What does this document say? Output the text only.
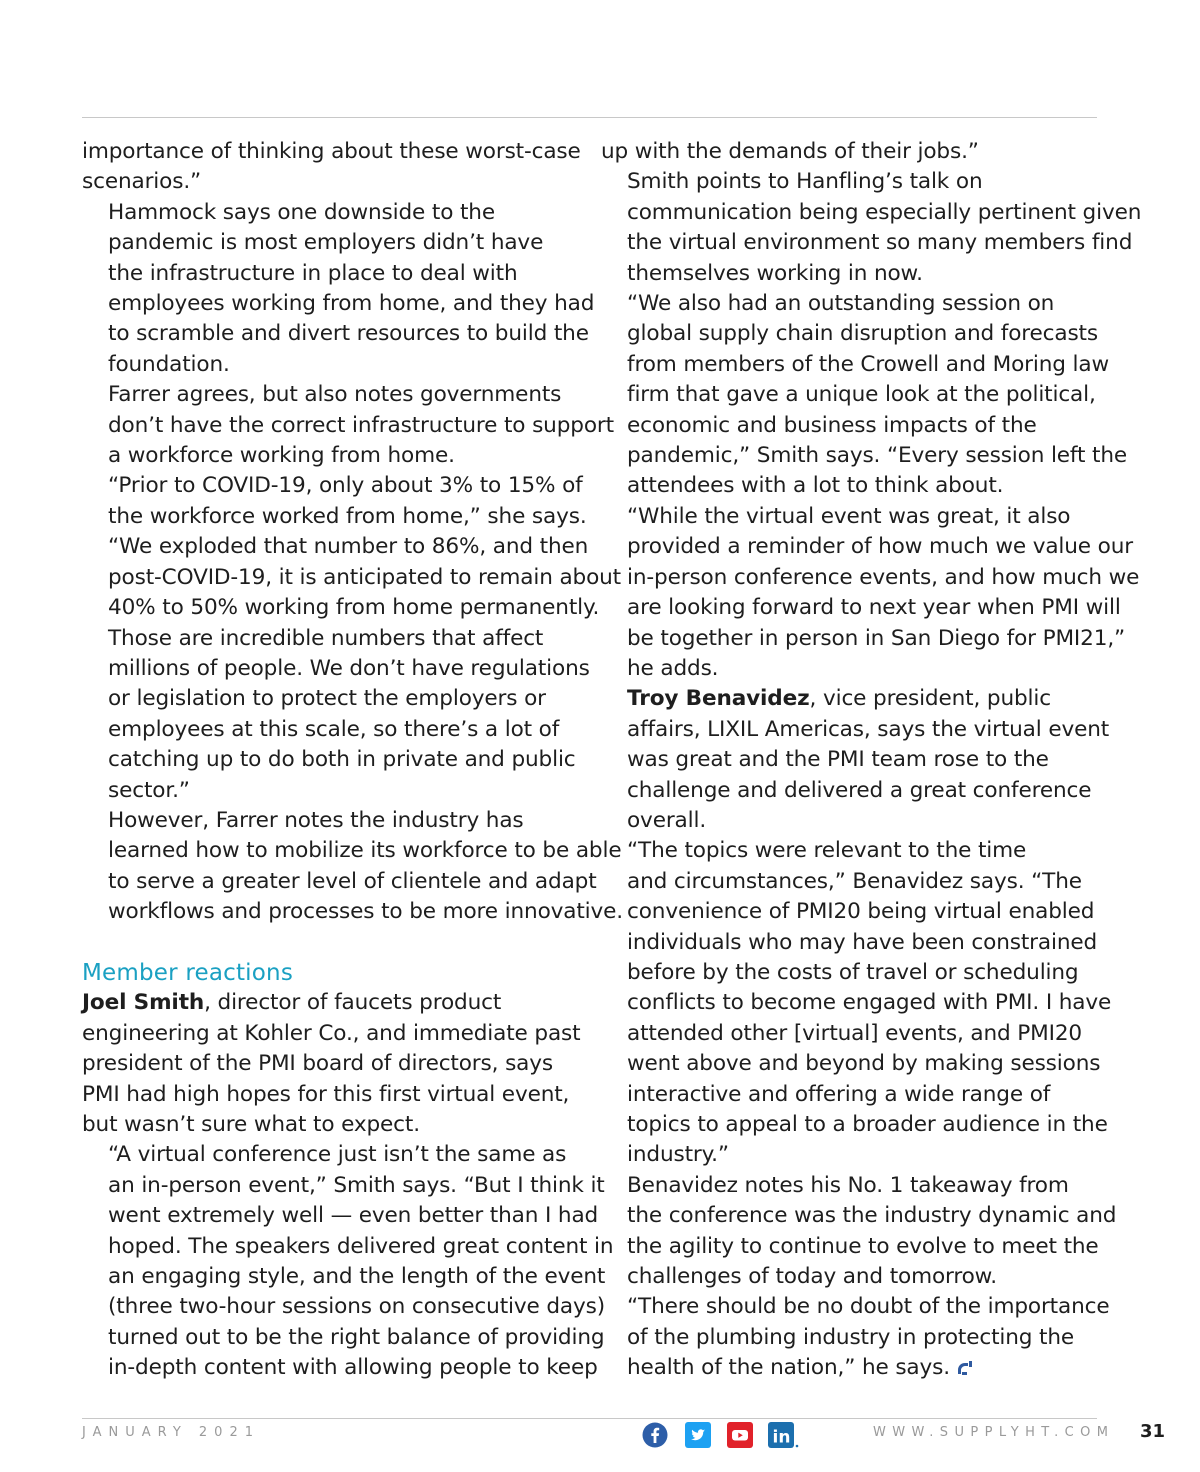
importance of thinking about these worst-case
scenarios.”

Hammock says one downside to the
pandemic is most employers didn’t have
the infrastructure in place to deal with
employees working from home, and they had
to scramble and divert resources to build the
foundation.

Farrer agrees, but also notes governments
don’t have the correct infrastructure to support
a workforce working from home.

“Prior to COVID-19, only about 3% to 15% of
the workforce worked from home,” she says.
“We exploded that number to 86%, and then
post-COVID-19, it is anticipated to remain about
40% to 50% working from home permanently.
Those are incredible numbers that affect
millions of people. We don’t have regulations
or legislation to protect the employers or
employees at this scale, so there’s a lot of
catching up to do both in private and public
sector.”

However, Farrer notes the industry has
learned how to mobilize its workforce to be able
to serve a greater level of clientele and adapt
workflows and processes to be more innovative.

Member reactions

Joel Smith, director of faucets product
engineering at Kohler Co., and immediate past
president of the PMI board of directors, says
PMI had high hopes for this first virtual event,
but wasn’t sure what to expect.

“A virtual conference just isn’t the same as
an in-person event,” Smith says. “But I think it
went extremely well — even better than I had
hoped. The speakers delivered great content in
an engaging style, and the length of the event
(three two-hour sessions on consecutive days)
turned out to be the right balance of providing
in-depth content with allowing people to keep

up with the demands of their jobs.”

Smith points to Hanfling’s talk on
communication being especially pertinent given
the virtual environment so many members find
themselves working in now.

“We also had an outstanding session on
global supply chain disruption and forecasts
from members of the Crowell and Moring law
firm that gave a unique look at the political,
economic and business impacts of the
pandemic,” Smith says. “Every session left the
attendees with a lot to think about.

“While the virtual event was great, it also
provided a reminder of how much we value our
in-person conference events, and how much we
are looking forward to next year when PMI will
be together in person in San Diego for PMI21,”
he adds.

Troy Benavidez, vice president, public
affairs, LIXIL Americas, says the virtual event
was great and the PMI team rose to the
challenge and delivered a great conference
overall.

“The topics were relevant to the time
and circumstances,” Benavidez says. “The
convenience of PMI20 being virtual enabled
individuals who may have been constrained
before by the costs of travel or scheduling
conflicts to become engaged with PMI. I have
attended other [virtual] events, and PMI20
went above and beyond by making sessions
interactive and offering a wide range of
topics to appeal to a broader audience in the
industry.”

Benavidez notes his No. 1 takeaway from
the conference was the industry dynamic and
the agility to continue to evolve to meet the
challenges of today and tomorrow.

“There should be no doubt of the importance
of the plumbing industry in protecting the
health of the nation,” he says.

JANUARY 2021	in	WWW.SUPPLYHT.COM 31
